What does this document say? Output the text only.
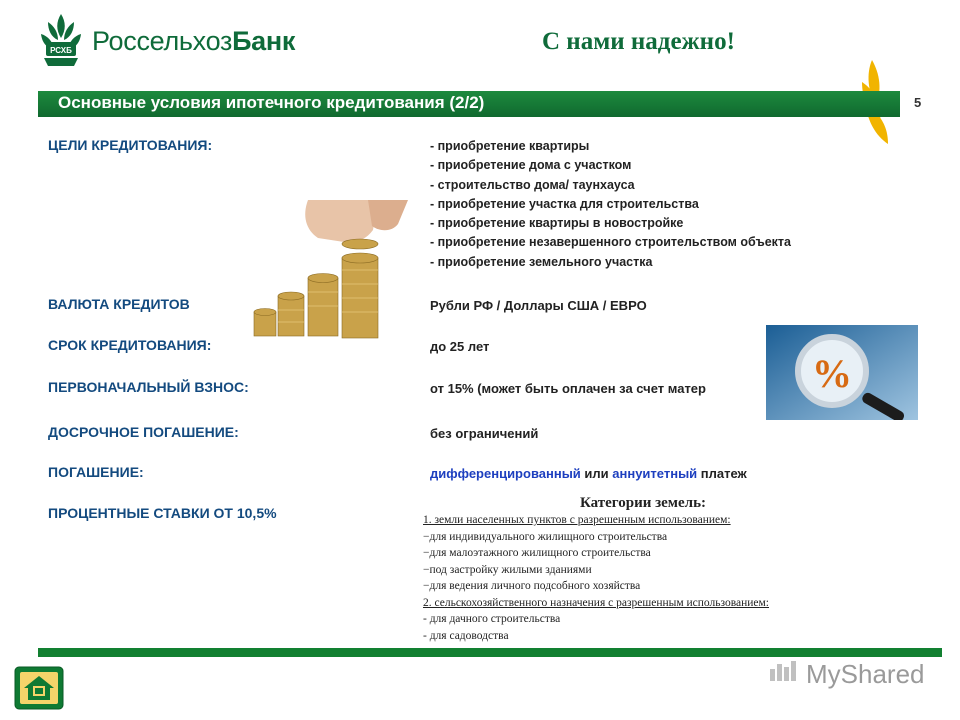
РСХБ РоссельхозБанк	С нами надежно!
Основные условия ипотечного кредитования (2/2)	5
ЦЕЛИ КРЕДИТОВАНИЯ:	- приобретение квартиры
- приобретение дома с участком
- строительство дома/ таунхауса
- приобретение участка для строительства
- приобретение квартиры в новостройке
- приобретение незавершенного строительством объекта
- приобретение земельного участка
ВАЛЮТА КРЕДИТОВ	Рубли РФ / Доллары США / ЕВРО
СРОК КРЕДИТОВАНИЯ:	до 25 лет
ПЕРВОНАЧАЛЬНЫЙ ВЗНОС:	от 15% (может быть оплачен за счет матер
ДОСРОЧНОЕ ПОГАШЕНИЕ:	без ограничений
ПОГАШЕНИЕ:	дифференцированный или аннуитетный платеж
ПРОЦЕНТНЫЕ СТАВКИ ОТ 10,5%
%
Категории земель:
1. земли населенных пунктов с разрешенным использованием:
−для индивидуального жилищного строительства
−для малоэтажного жилищного строительства
−под застройку жилыми зданиями
−для ведения личного подсобного хозяйства
2. сельскохозяйственного назначения с разрешенным использованием:
- для дачного строительства
- для садоводства
MyShared
